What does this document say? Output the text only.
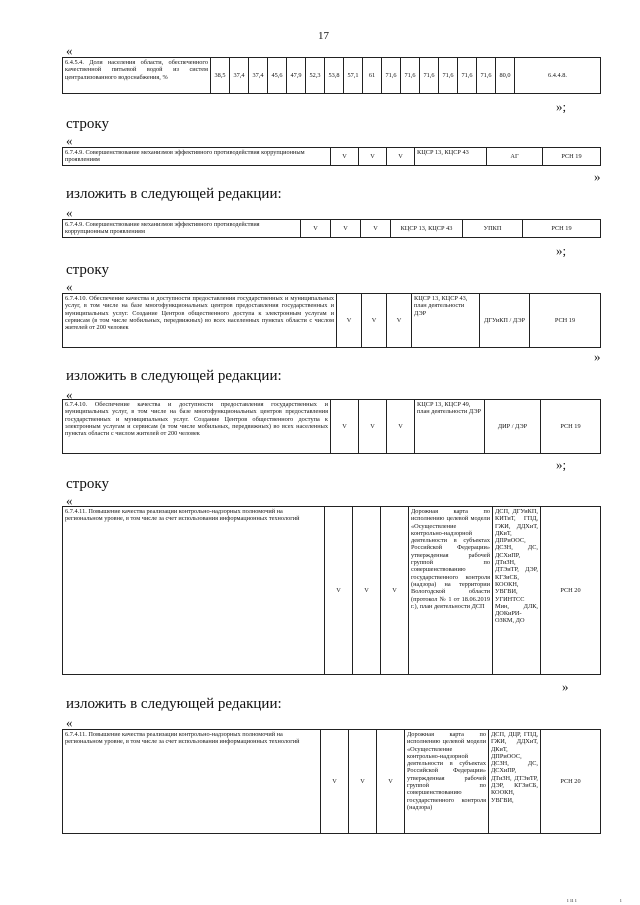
17
«
6.4.5.4. Доля населения области, обеспеченного качественной питьевой водой из систем централизованного водоснабжения, %	38,5	37,4	37,4	45,6	47,9	52,3	53,8	57,1	61	71,6	71,6	71,6	71,6	71,6	71,6	80,0	6.4.4.8.
»;
строку
«
6.7.4.9. Совершенствование механизмов эффективного противодействия коррупционным проявлениям	V	V	V	КЦСР 13, КЦСР 43	АГ	РСН 19
»
изложить в следующей редакции:
«
6.7.4.9. Совершенствование механизмов эффективного противодействия коррупционным проявлениям	V	V	V	КЦСР 13, КЦСР 43	УПКП	РСН 19
»;
строку
«
6.7.4.10. Обеспечение качества и доступности предоставления государственных и муниципальных услуг, в том числе на базе многофункциональных центров предоставления государственных и муниципальных услуг. Создание Центров общественного доступа к электронным услугам и сервисам (в том числе мобильных, передвижных) во всех населенных пунктах области с числом жителей от 200 человек	V	V	V	КЦСР 13, КЦСР 43, план деятельности ДЭР	ДГУиКП / ДЭР	РСН 19
»
изложить в следующей редакции:
«
6.7.4.10. Обеспечение качества и доступности предоставления государственных и муниципальных услуг, в том числе на базе многофункциональных центров предоставления государственных и муниципальных услуг. Создание Центров общественного доступа к электронным услугам и сервисам (в том числе мобильных, передвижных) во всех населенных пунктах области с числом жителей от 200 человек	V	V	V	КЦСР 13, КЦСР 49, план деятельности ДЭР	ДИР / ДЭР	РСН 19
»;
строку
«
6.7.4.11. Повышение качества реализации контрольно-надзорных полномочий на региональном уровне, в том числе за счет использования информационных технологий	V	V	V	Дорожная карта по исполнению целевой модели «Осуществление контрольно-надзорной деятельности в субъектах Российской Федерации» утвержденная рабочей группой по совершенствованию государственного контроля (надзора) на территории Вологодской области (протокол № 1 от 18.06.2019 г.), план деятельности ДСП	ДСП, ДГУиКП, КИТиТ, ГПД, ГЖИ, ДДХиТ, ДКиТ, ДПРиООС, ДСЗН, ДС, ДСХиПР, ДТиЗН, ДТЭиТР, ДЭР, КГЗиСБ, КООКН, УВГВИ, УГИНТСС Мин, ДЛК, ДОКиРИ-ОЗКМ, ДО	РСН 20
»
изложить в следующей редакции:
«
6.7.4.11. Повышение качества реализации контрольно-надзорных полномочий на региональном уровне, в том числе за счет использования информационных технологий	V	V	V	Дорожная карта по исполнению целевой модели «Осуществление контрольно-надзорной деятельности в субъектах Российской Федерации» утвержденная рабочей группой по совершенствованию государственного контроля (надзора)	ДСП, ДЦР, ГПД, ГЖИ, ДДХиТ, ДКиТ, ДПРиООС, ДСЗН, ДС, ДСХиПР, ДТиЗН, ДТЭиТР, ДЭР, КГЗиСБ, КООКН, УВГВИ,	РСН 20
ı ıı ı	ı
